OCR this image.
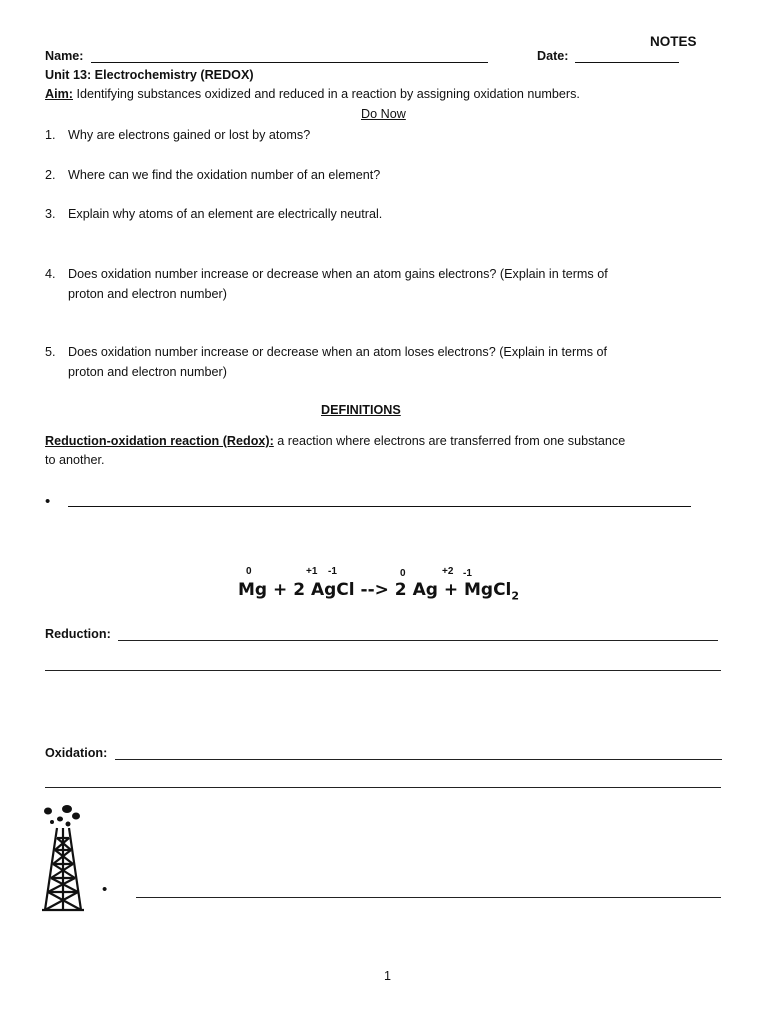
NOTES
Name:	Date:
Unit 13: Electrochemistry (REDOX)
Aim: Identifying substances oxidized and reduced in a reaction by assigning oxidation numbers.
Do Now
1. Why are electrons gained or lost by atoms?
2. Where can we find the oxidation number of an element?
3. Explain why atoms of an element are electrically neutral.
4. Does oxidation number increase or decrease when an atom gains electrons? (Explain in terms of
proton and electron number)
5. Does oxidation number increase or decrease when an atom loses electrons? (Explain in terms of
proton and electron number)
DEFINITIONS
Reduction-oxidation reaction (Redox): a reaction where electrons are transferred from one substance
to another.
•
0	+1 -1	0	+2 -1
Mg + 2 AgCl --> 2 Ag + MgCl$_2$
Reduction:
Oxidation:
•
1
